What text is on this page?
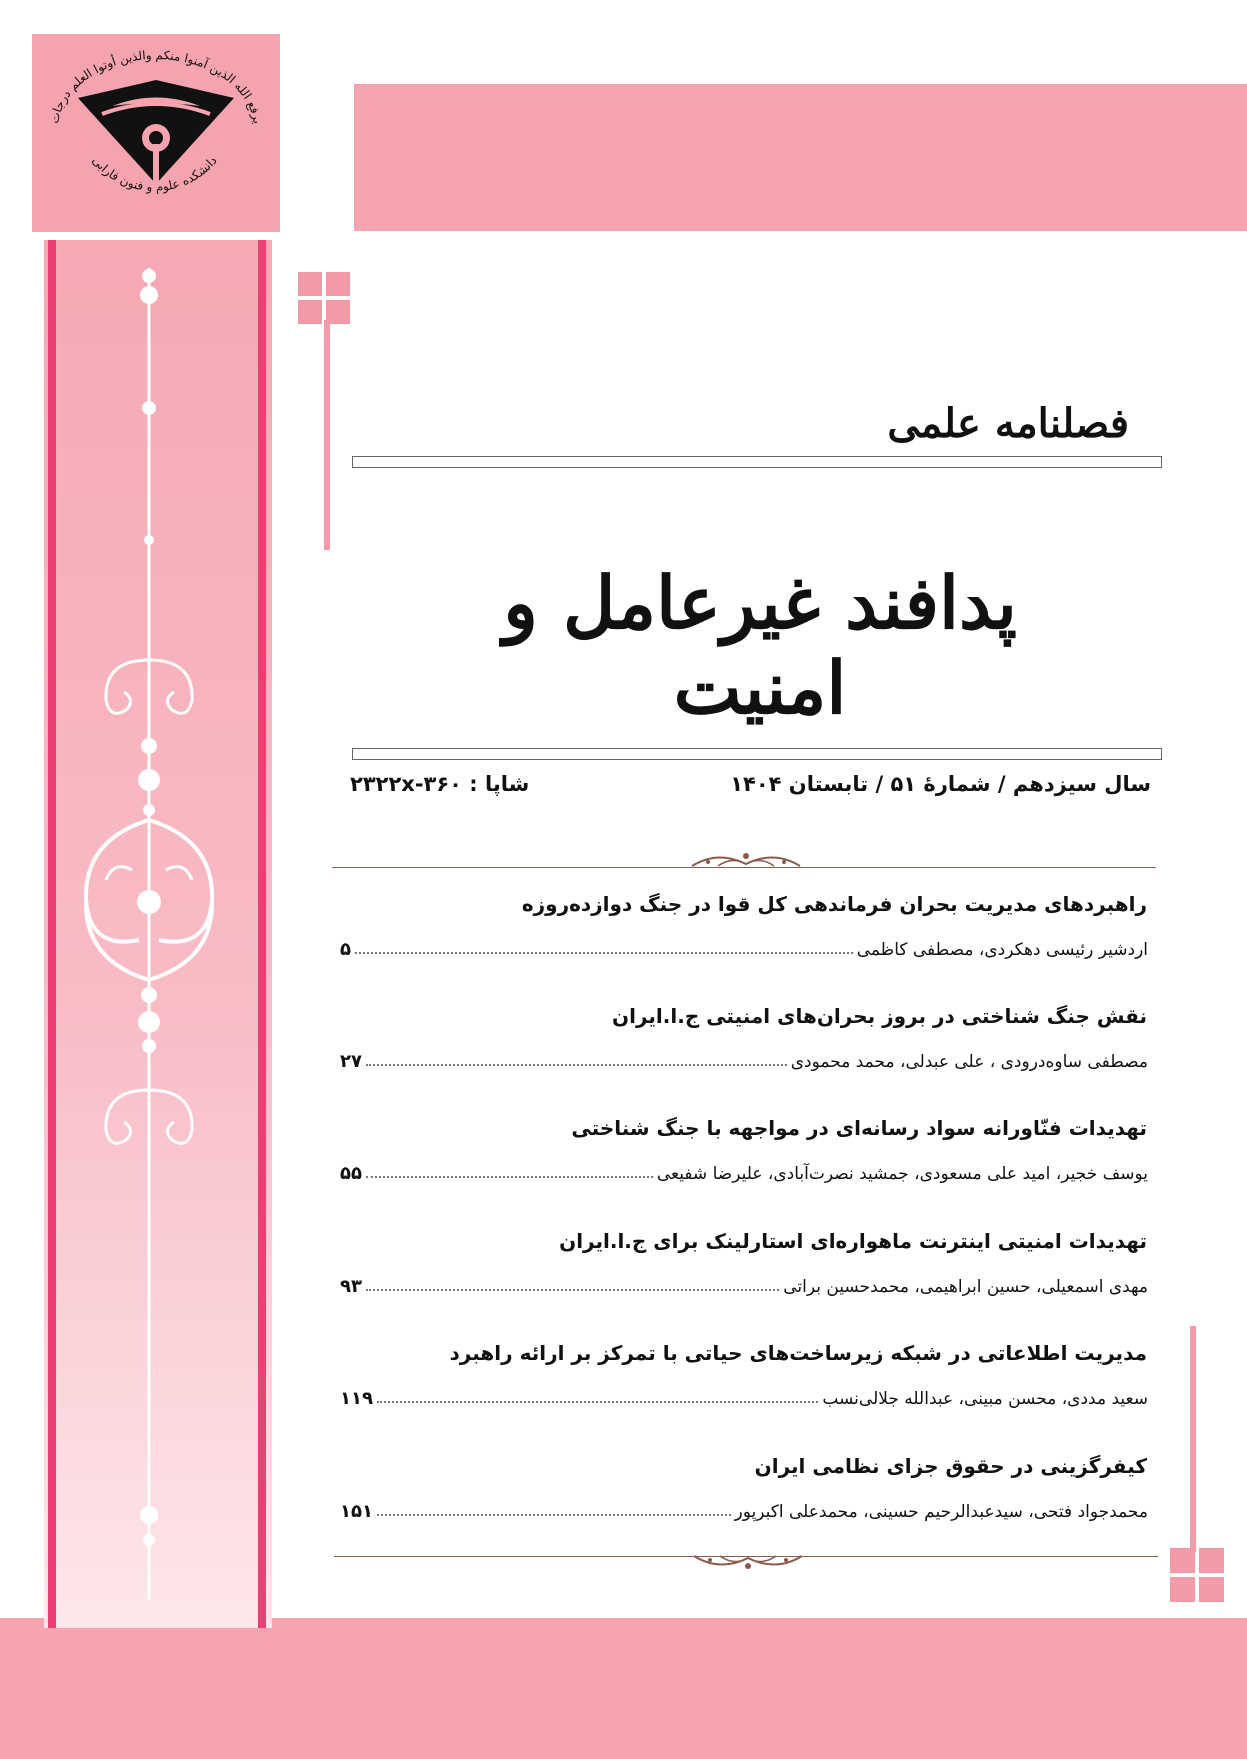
يرفع الله الذين آمنوا منكم والذين أوتوا العلم درجات
دانشکده علوم و فنون فارابی
فصلنامه علمی
پدافند غیرعامل و امنیت
سال سیزدهم / شمارۀ ۵۱ / تابستان ۱۴۰۴
شاپا : ۲۳۲۲x-۳۶۰
راهبردهای مدیریت بحران فرماندهی کل قوا در جنگ دوازده‌روزه
۵	اردشیر رئیسی دهکردی، مصطفی کاظمی
نقش جنگ شناختی در بروز بحران‌های امنیتی ج.ا.ایران
۲۷	مصطفی ساوه‌درودی ، علی عبدلی، محمد محمودی
تهدیدات فنّاورانه سواد رسانه‌ای در مواجهه با جنگ شناختی
۵۵	یوسف خجیر، امید علی مسعودی، جمشید نصرت‌آبادی، علیرضا شفیعی
تهدیدات امنیتی اینترنت ماهواره‌ای استارلینک برای ج.ا.ایران
۹۳	مهدی اسمعیلی، حسین ابراهیمی، محمدحسین براتی
مدیریت اطلاعاتی در شبکه زیرساخت‌های حیاتی با تمرکز بر ارائه راهبرد
۱۱۹	سعید مددی، محسن مبینی، عبدالله جلالی‌نسب
کیفرگزینی در حقوق جزای نظامی ایران
۱۵۱	محمدجواد فتحی، سیدعبدالرحیم حسینی، محمدعلی اکبرپور
